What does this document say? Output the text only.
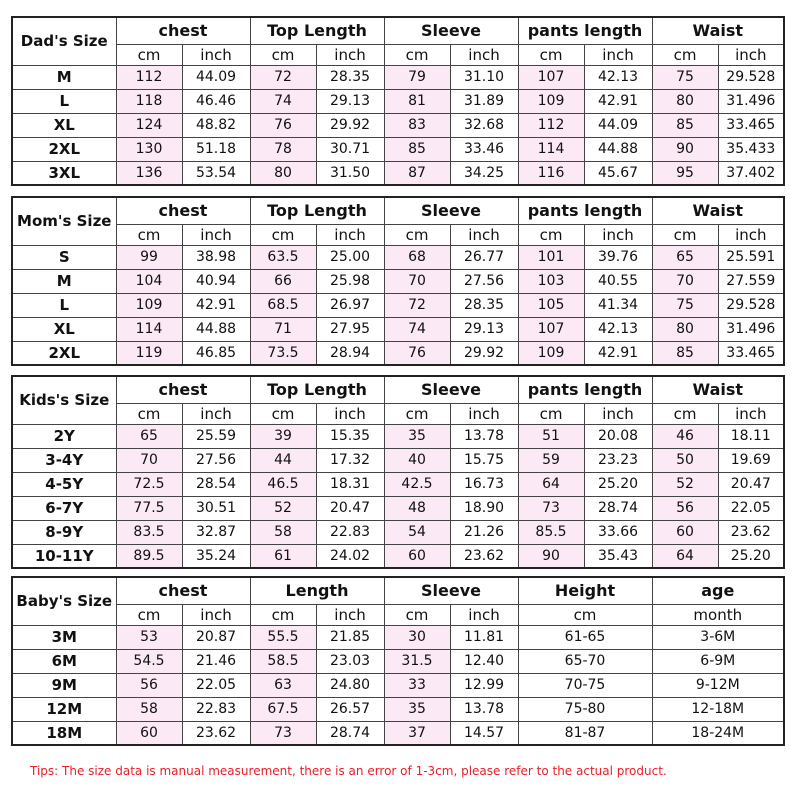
Dad's Size	chest		Top Length		Sleeve		pants length		Waist	
	cm	inch	cm	inch	cm	inch	cm	inch	cm	inch
M	112	44.09	72	28.35	79	31.10	107	42.13	75	29.528
L	118	46.46	74	29.13	81	31.89	109	42.91	80	31.496
XL	124	48.82	76	29.92	83	32.68	112	44.09	85	33.465
2XL	130	51.18	78	30.71	85	33.46	114	44.88	90	35.433
3XL	136	53.54	80	31.50	87	34.25	116	45.67	95	37.402
Mom's Size	chest		Top Length		Sleeve		pants length		Waist	
	cm	inch	cm	inch	cm	inch	cm	inch	cm	inch
S	99	38.98	63.5	25.00	68	26.77	101	39.76	65	25.591
M	104	40.94	66	25.98	70	27.56	103	40.55	70	27.559
L	109	42.91	68.5	26.97	72	28.35	105	41.34	75	29.528
XL	114	44.88	71	27.95	74	29.13	107	42.13	80	31.496
2XL	119	46.85	73.5	28.94	76	29.92	109	42.91	85	33.465
Kids's Size	chest		Top Length		Sleeve		pants length		Waist	
	cm	inch	cm	inch	cm	inch	cm	inch	cm	inch
2Y	65	25.59	39	15.35	35	13.78	51	20.08	46	18.11
3-4Y	70	27.56	44	17.32	40	15.75	59	23.23	50	19.69
4-5Y	72.5	28.54	46.5	18.31	42.5	16.73	64	25.20	52	20.47
6-7Y	77.5	30.51	52	20.47	48	18.90	73	28.74	56	22.05
8-9Y	83.5	32.87	58	22.83	54	21.26	85.5	33.66	60	23.62
10-11Y	89.5	35.24	61	24.02	60	23.62	90	35.43	64	25.20
Baby's Size	chest		Length		Sleeve		Height	age
	cm	inch	cm	inch	cm	inch	cm	month
3M	53	20.87	55.5	21.85	30	11.81	61-65	3-6M
6M	54.5	21.46	58.5	23.03	31.5	12.40	65-70	6-9M
9M	56	22.05	63	24.80	33	12.99	70-75	9-12M
12M	58	22.83	67.5	26.57	35	13.78	75-80	12-18M
18M	60	23.62	73	28.74	37	14.57	81-87	18-24M
Tips: The size data is manual measurement, there is an error of 1-3cm, please refer to the actual product.
